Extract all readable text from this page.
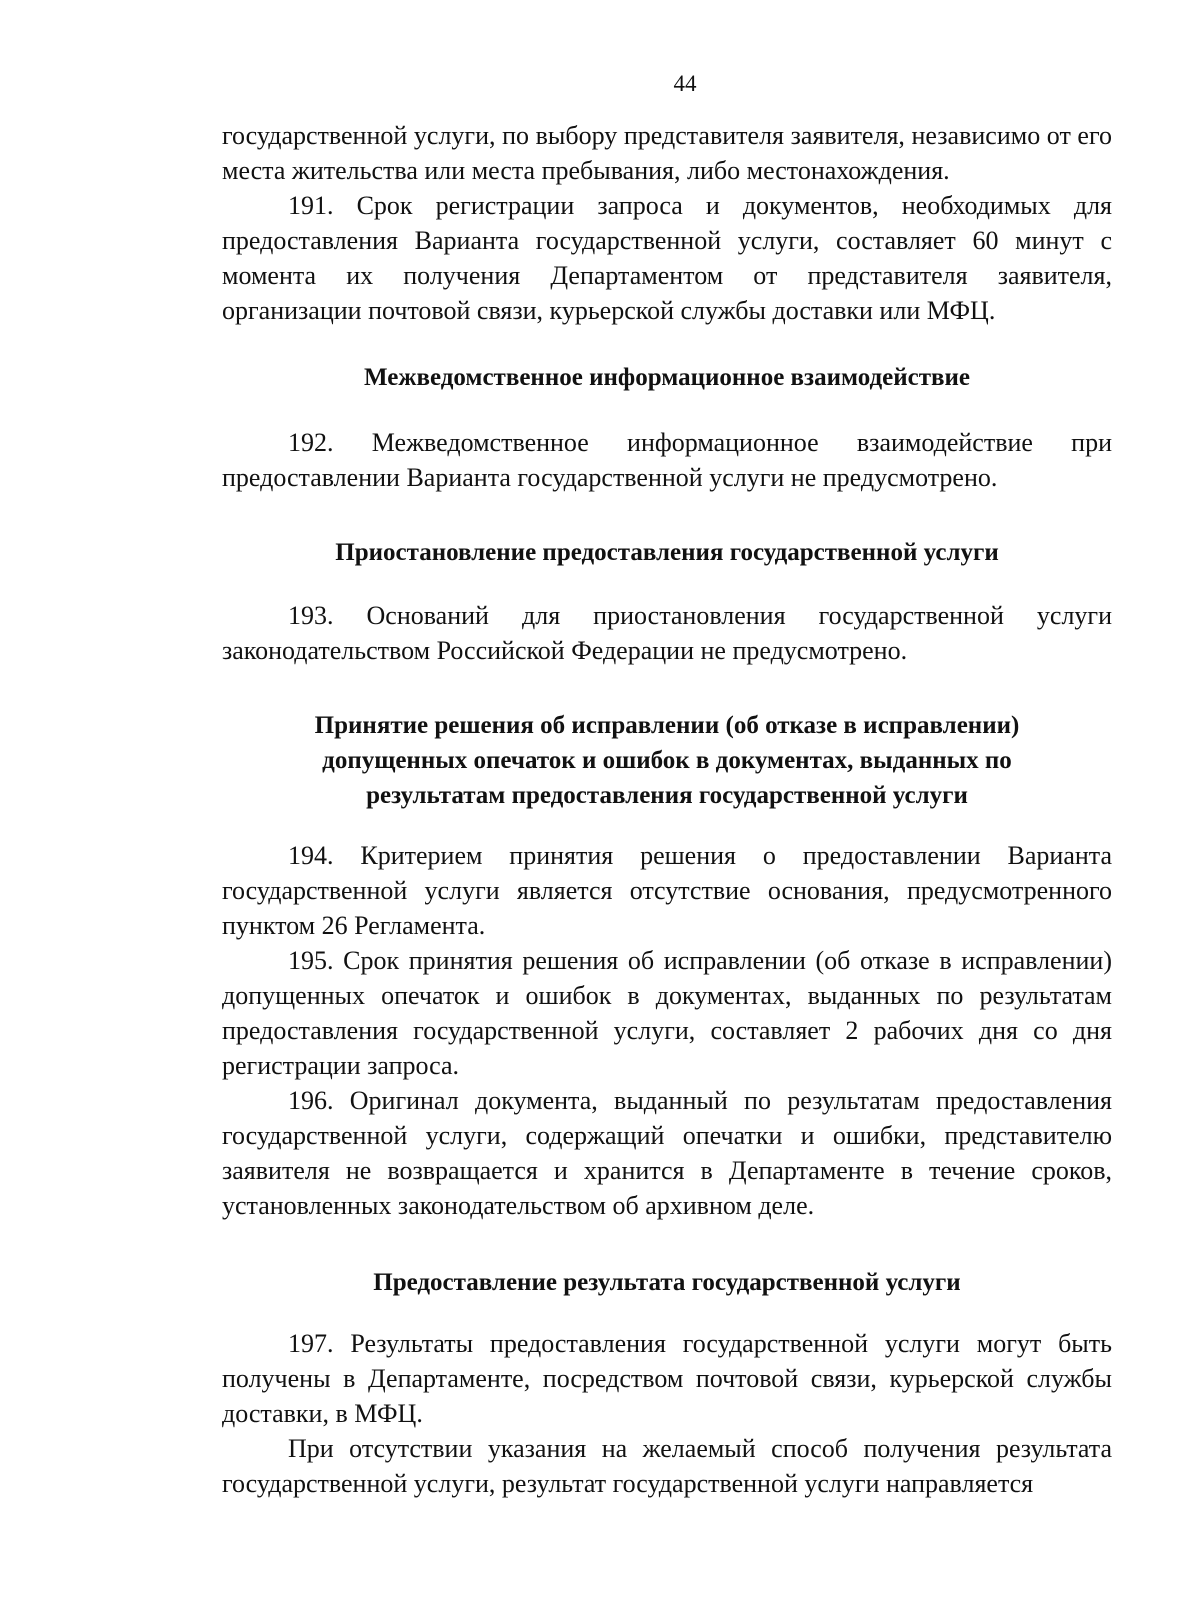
44

государственной услуги, по выбору представителя заявителя, независимо от его места жительства или места пребывания, либо местонахождения.

191. Срок регистрации запроса и документов, необходимых для предоставления Варианта государственной услуги, составляет 60 минут с момента их получения Департаментом от представителя заявителя, организации почтовой связи, курьерской службы доставки или МФЦ.

Межведомственное информационное взаимодействие

192. Межведомственное информационное взаимодействие при предоставлении Варианта государственной услуги не предусмотрено.

Приостановление предоставления государственной услуги

193. Оснований для приостановления государственной услуги законодательством Российской Федерации не предусмотрено.

Принятие решения об исправлении (об отказе в исправлении)
допущенных опечаток и ошибок в документах, выданных по
результатам предоставления государственной услуги

194. Критерием принятия решения о предоставлении Варианта государственной услуги является отсутствие основания, предусмотренного пунктом 26 Регламента.

195. Срок принятия решения об исправлении (об отказе в исправлении) допущенных опечаток и ошибок в документах, выданных по результатам предоставления государственной услуги, составляет 2 рабочих дня со дня регистрации запроса.

196. Оригинал документа, выданный по результатам предоставления государственной услуги, содержащий опечатки и ошибки, представителю заявителя не возвращается и хранится в Департаменте в течение сроков, установленных законодательством об архивном деле.

Предоставление результата государственной услуги

197. Результаты предоставления государственной услуги могут быть получены в Департаменте, посредством почтовой связи, курьерской службы доставки, в МФЦ.

При отсутствии указания на желаемый способ получения результата государственной услуги, результат государственной услуги направляется
